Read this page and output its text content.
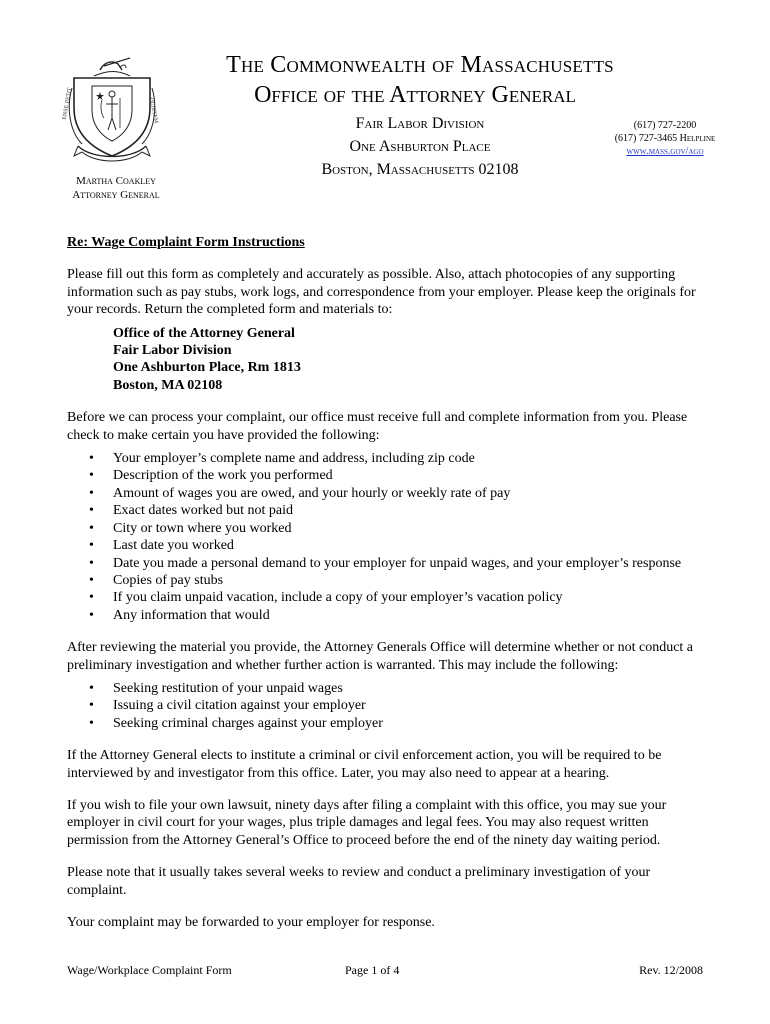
ENSE PETIT	QUIETEM
Martha Coakley
Attorney General
The Commonwealth of Massachusetts
Office of the Attorney General
Fair Labor Division
One Ashburton Place
Boston, Massachusetts 02108
(617) 727-2200
(617) 727-3465 Helpline
www.mass.gov/ago

Re: Wage Complaint Form Instructions

Please fill out this form as completely and accurately as possible. Also, attach photocopies of any supporting information such as pay stubs, work logs, and correspondence from your employer. Please keep the originals for your records. Return the completed form and materials to:

Office of the Attorney General
Fair Labor Division
One Ashburton Place, Rm 1813
Boston, MA 02108

Before we can process your complaint, our office must receive full and complete information from you. Please check to make certain you have provided the following:

• Your employer’s complete name and address, including zip code
• Description of the work you performed
• Amount of wages you are owed, and your hourly or weekly rate of pay
• Exact dates worked but not paid
• City or town where you worked
• Last date you worked
• Date you made a personal demand to your employer for unpaid wages, and your employer’s response
• Copies of pay stubs
• If you claim unpaid vacation, include a copy of your employer’s vacation policy
• Any information that would

After reviewing the material you provide, the Attorney Generals Office will determine whether or not conduct a preliminary investigation and whether further action is warranted. This may include the following:

• Seeking restitution of your unpaid wages
• Issuing a civil citation against your employer
• Seeking criminal charges against your employer

If the Attorney General elects to institute a criminal or civil enforcement action, you will be required to be interviewed by and investigator from this office. Later, you may also need to appear at a hearing.

If you wish to file your own lawsuit, ninety days after filing a complaint with this office, you may sue your employer in civil court for your wages, plus triple damages and legal fees. You may also request written permission from the Attorney General’s Office to proceed before the end of the ninety day waiting period.

Please note that it usually takes several weeks to review and conduct a preliminary investigation of your complaint.

Your complaint may be forwarded to your employer for response.

Wage/Workplace Complaint Form	Page 1 of 4	Rev. 12/2008
